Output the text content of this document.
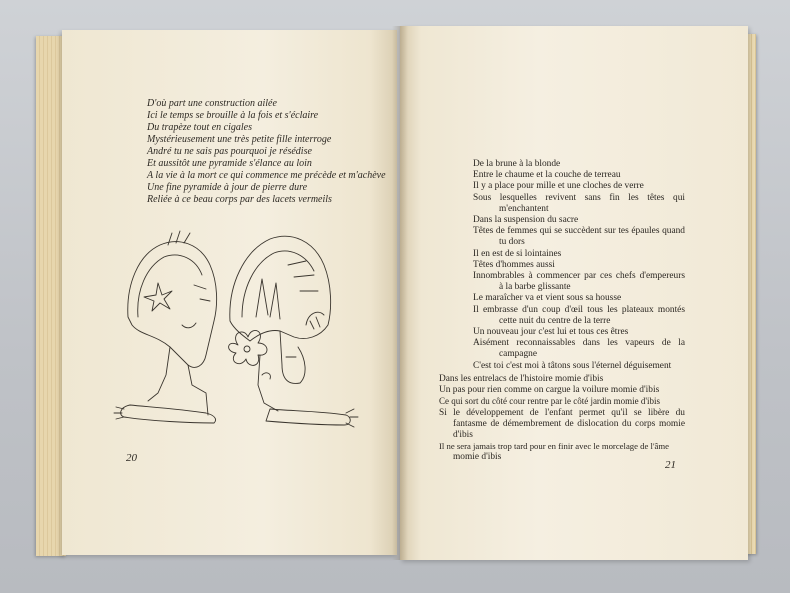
D'où part une construction ailée
Ici le temps se brouille à la fois et s'éclaire
Du trapèze tout en cigales
Mystérieusement une très petite fille interroge
André tu ne sais pas pourquoi je résédise
Et aussitôt une pyramide s'élance au loin
A la vie à la mort ce qui commence me précède et m'achève
Une fine pyramide à jour de pierre dure
Reliée à ce beau corps par des lacets vermeils
20
De la brune à la blonde
Entre le chaume et la couche de terreau
Il y a place pour mille et une cloches de verre
Sous lesquelles revivent sans fin les têtes qui
m'enchantent
Dans la suspension du sacre
Têtes de femmes qui se succèdent sur tes épaules quand
tu dors
Il en est de si lointaines
Têtes d'hommes aussi
Innombrables à commencer par ces chefs d'empereurs
à la barbe glissante
Le maraîcher va et vient sous sa housse
Il embrasse d'un coup d'œil tous les plateaux montés
cette nuit du centre de la terre
Un nouveau jour c'est lui et tous ces êtres
Aisément reconnaissables dans les vapeurs de la
campagne
C'est toi c'est moi à tâtons sous l'éternel déguisement
Dans les entrelacs de l'histoire momie d'ibis
Un pas pour rien comme on cargue la voilure momie d'ibis
Ce qui sort du côté cour rentre par le côté jardin momie d'ibis
Si le développement de l'enfant permet qu'il se libère du
fantasme de démembrement de dislocation du corps momie
d'ibis
Il ne sera jamais trop tard pour en finir avec le morcelage de l'âme
momie d'ibis
21
